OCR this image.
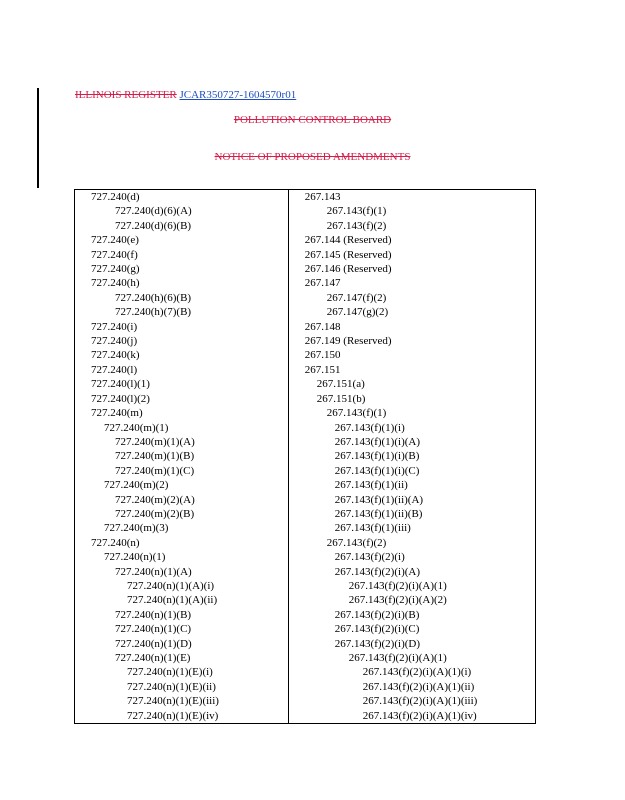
ILLINOIS REGISTER JCAR350727-1604570r01
POLLUTION CONTROL BOARD
NOTICE OF PROPOSED AMENDMENTS
727.240(d)	267.143
727.240(d)(6)(A)	267.143(f)(1)
727.240(d)(6)(B)	267.143(f)(2)
727.240(e)	267.144 (Reserved)
727.240(f)	267.145 (Reserved)
727.240(g)	267.146 (Reserved)
727.240(h)	267.147
727.240(h)(6)(B)	267.147(f)(2)
727.240(h)(7)(B)	267.147(g)(2)
727.240(i)	267.148
727.240(j)	267.149 (Reserved)
727.240(k)	267.150
727.240(l)	267.151
727.240(l)(1)	267.151(a)
727.240(l)(2)	267.151(b)
727.240(m)	267.143(f)(1)
727.240(m)(1)	267.143(f)(1)(i)
727.240(m)(1)(A)	267.143(f)(1)(i)(A)
727.240(m)(1)(B)	267.143(f)(1)(i)(B)
727.240(m)(1)(C)	267.143(f)(1)(i)(C)
727.240(m)(2)	267.143(f)(1)(ii)
727.240(m)(2)(A)	267.143(f)(1)(ii)(A)
727.240(m)(2)(B)	267.143(f)(1)(ii)(B)
727.240(m)(3)	267.143(f)(1)(iii)
727.240(n)	267.143(f)(2)
727.240(n)(1)	267.143(f)(2)(i)
727.240(n)(1)(A)	267.143(f)(2)(i)(A)
727.240(n)(1)(A)(i)	267.143(f)(2)(i)(A)(1)
727.240(n)(1)(A)(ii)	267.143(f)(2)(i)(A)(2)
727.240(n)(1)(B)	267.143(f)(2)(i)(B)
727.240(n)(1)(C)	267.143(f)(2)(i)(C)
727.240(n)(1)(D)	267.143(f)(2)(i)(D)
727.240(n)(1)(E)	267.143(f)(2)(i)(A)(1)
727.240(n)(1)(E)(i)	267.143(f)(2)(i)(A)(1)(i)
727.240(n)(1)(E)(ii)	267.143(f)(2)(i)(A)(1)(ii)
727.240(n)(1)(E)(iii)	267.143(f)(2)(i)(A)(1)(iii)
727.240(n)(1)(E)(iv)	267.143(f)(2)(i)(A)(1)(iv)
